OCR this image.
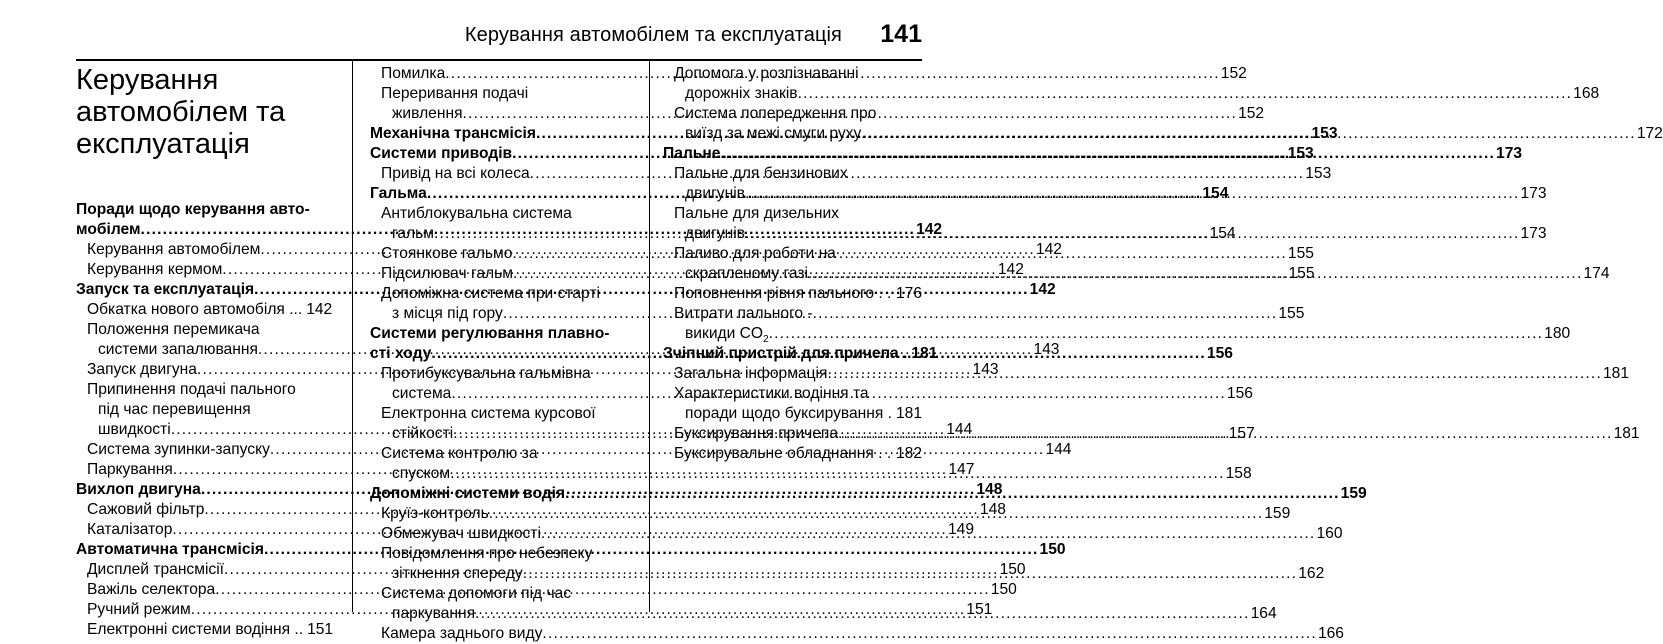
Керування автомобілем та експлуатація 141
Керування
автомобілем та
експлуатація
Поради щодо керування авто-
мобілем .....	142
Керування автомобілем .....	142
Керування кермом .....	142
Запуск та експлуатація .....	142
Обкатка нового автомобіля ... 142
Положення перемикача
системи запалювання .....	143
Запуск двигуна .....	143
Припинення подачі пального
під час перевищення
швидкості .....	144
Система зупинки-запуску .....	144
Паркування .....	147
Вихлоп двигуна .....	148
Сажовий фільтр .....	148
Каталізатор .....	149
Автоматична трансмісія .....	150
Дисплей трансмісії .....	150
Важіль селектора .....	150
Ручний режим .....	151
Електронні системи водіння .. 151
Помилка .....	152
Переривання подачі
живлення .....	152
Механічна трансмісія .....	153
Системи приводів .....	153
Привід на всі колеса .....	153
Гальма .....	154
Антиблокувальна система
гальм .....	154
Стоянкове гальмо .....	155
Підсилювач гальм .....	155
Допоміжна система при старті
з місця під гору .....	155
Системи регулювання плавно-
сті ходу .....	156
Протибуксувальна гальмівна
система .....	156
Електронна система курсової
стійкості .....	157
Система контролю за
спуском .....	158
Допоміжні системи водія .....	159
Круїз-контроль .....	159
Обмежувач швидкості .....	160
Повідомлення про небезпеку
зіткнення спереду .....	162
Система допомоги під час
паркування .....	164
Камера заднього виду .....	166
Допомога у розпізнаванні
дорожніх знаків .....	168
Система попередження про
виїзд за межі смуги руху .....	172
Пальне .....	173
Пальне для бензинових
двигунів .....	173
Пальне для дизельних
двигунів .....	173
Паливо для роботи на
скрапленому газі .....	174
Поповнення рівня пального . . 176
Витрати пального -
викиди $CO_2$ .....	180
Зчіпний пристрій для причепа . 181
Загальна інформація .....	181
Характеристики водіння та
поради щодо буксирування . 181
Буксирування причепа .....	181
Буксирувальне обладнання . . 182
